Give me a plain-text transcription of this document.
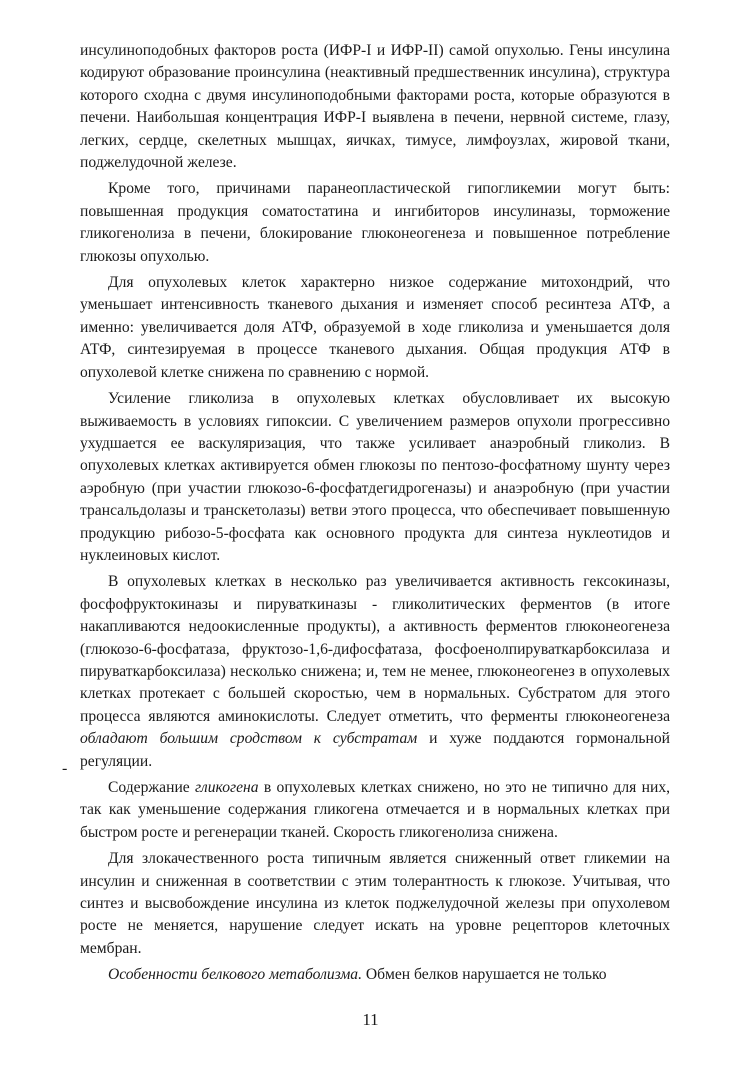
инсулиноподобных факторов роста (ИФР-I и ИФР-II) самой опухолью. Гены инсулина кодируют образование проинсулина (неактивный предшественник инсулина), структура которого сходна с двумя инсулиноподобными факторами роста, которые образуются в печени. Наибольшая концентрация ИФР-I выявлена в печени, нервной системе, глазу, легких, сердце, скелетных мышцах, яичках, тимусе, лимфоузлах, жировой ткани, поджелудочной железе.

Кроме того, причинами паранеопластической гипогликемии могут быть: повышенная продукция соматостатина и ингибиторов инсулиназы, торможение гликогенолиза в печени, блокирование глюконеогенеза и повышенное потребление глюкозы опухолью.

Для опухолевых клеток характерно низкое содержание митохондрий, что уменьшает интенсивность тканевого дыхания и изменяет способ ресинтеза АТФ, а именно: увеличивается доля АТФ, образуемой в ходе гликолиза и уменьшается доля АТФ, синтезируемая в процессе тканевого дыхания. Общая продукция АТФ в опухолевой клетке снижена по сравнению с нормой.

Усиление гликолиза в опухолевых клетках обусловливает их высокую выживаемость в условиях гипоксии. С увеличением размеров опухоли прогрессивно ухудшается ее васкуляризация, что также усиливает анаэробный гликолиз. В опухолевых клетках активируется обмен глюкозы по пентозо-фосфатному шунту через аэробную (при участии глюкозо-6-фосфатдегидрогеназы) и анаэробную (при участии трансальдолазы и транскетолазы) ветви этого процесса, что обеспечивает повышенную продукцию рибозо-5-фосфата как основного продукта для синтеза нуклеотидов и нуклеиновых кислот.

В опухолевых клетках в несколько раз увеличивается активность гексокиназы, фосфофруктокиназы и пируваткиназы - гликолитических ферментов (в итоге накапливаются недоокисленные продукты), а активность ферментов глюконеогенеза (глюкозо-6-фосфатаза, фруктозо-1,6-дифосфатаза, фосфоенолпируваткарбоксилаза и пируваткарбоксилаза) несколько снижена; и, тем не менее, глюконеогенез в опухолевых клетках протекает с большей скоростью, чем в нормальных. Субстратом для этого процесса являются аминокислоты. Следует отметить, что ферменты глюконеогенеза обладают большим сродством к субстратам и хуже поддаются гормональной регуляции.

Содержание гликогена в опухолевых клетках снижено, но это не типично для них, так как уменьшение содержания гликогена отмечается и в нормальных клетках при быстром росте и регенерации тканей. Скорость гликогенолиза снижена.

Для злокачественного роста типичным является сниженный ответ гликемии на инсулин и сниженная в соответствии с этим толерантность к глюкозе. Учитывая, что синтез и высвобождение инсулина из клеток поджелудочной железы при опухолевом росте не меняется, нарушение следует искать на уровне рецепторов клеточных мембран.

Особенности белкового метаболизма. Обмен белков нарушается не только

-
11
